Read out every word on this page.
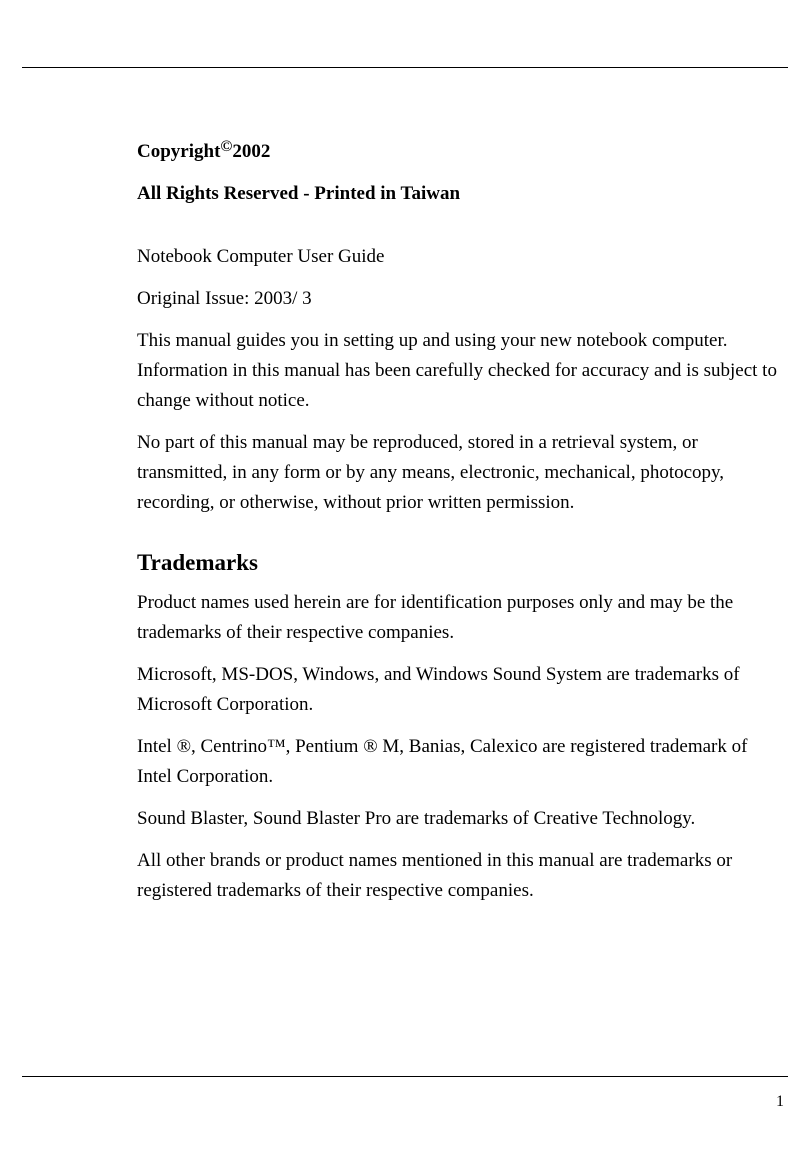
Copyright©2002

All Rights Reserved - Printed in Taiwan

Notebook Computer User Guide

Original Issue: 2003/ 3

This manual guides you in setting up and using your new notebook computer. Information in this manual has been carefully checked for accuracy and is subject to change without notice.

No part of this manual may be reproduced, stored in a retrieval system, or transmitted, in any form or by any means, electronic, mechanical, photocopy, recording, or otherwise, without prior written permission.

Trademarks

Product names used herein are for identification purposes only and may be the trademarks of their respective companies.

Microsoft, MS-DOS, Windows, and Windows Sound System are trademarks of Microsoft Corporation.

Intel ®, Centrino™, Pentium ® M, Banias, Calexico are registered trademark of Intel Corporation.

Sound Blaster, Sound Blaster Pro are trademarks of Creative Technology.

All other brands or product names mentioned in this manual are trademarks or registered trademarks of their respective companies.

1
